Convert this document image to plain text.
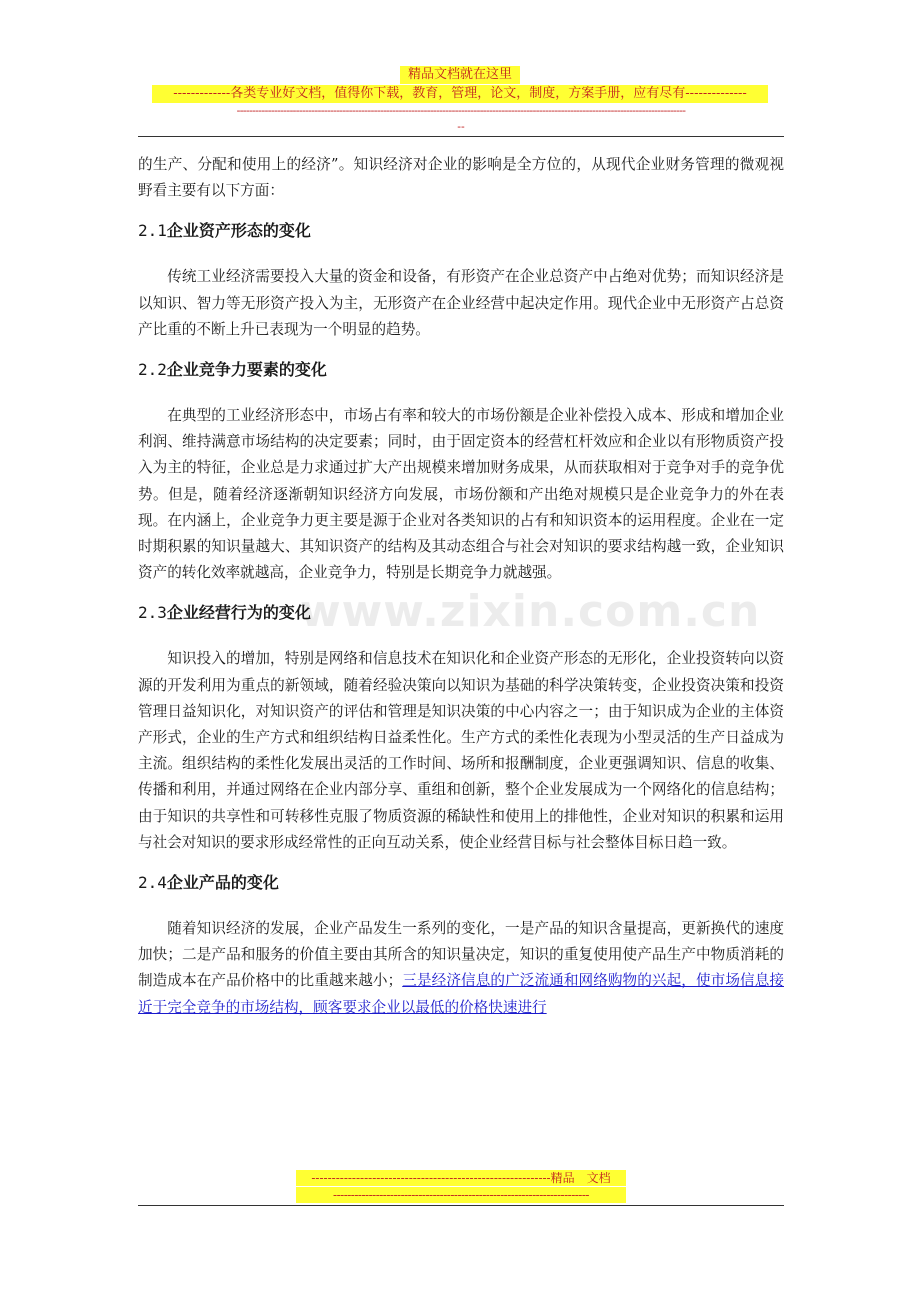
精品文档就在这里
-------------各类专业好文档，值得你下载，教育，管理，论文，制度，方案手册，应有尽有--------------
------------------------------------------------------------------------------------------------------------------------------------------------
--
www.zixin.com.cn

的生产、分配和使用上的经济”。知识经济对企业的影响是全方位的，从现代企业财务管理的微观视野看主要有以下方面：

2.1企业资产形态的变化

传统工业经济需要投入大量的资金和设备，有形资产在企业总资产中占绝对优势；而知识经济是以知识、智力等无形资产投入为主，无形资产在企业经营中起决定作用。现代企业中无形资产占总资产比重的不断上升已表现为一个明显的趋势。

2.2企业竞争力要素的变化

在典型的工业经济形态中，市场占有率和较大的市场份额是企业补偿投入成本、形成和增加企业利润、维持满意市场结构的决定要素；同时，由于固定资本的经营杠杆效应和企业以有形物质资产投入为主的特征，企业总是力求通过扩大产出规模来增加财务成果，从而获取相对于竞争对手的竞争优势。但是，随着经济逐渐朝知识经济方向发展，市场份额和产出绝对规模只是企业竞争力的外在表现。在内涵上，企业竞争力更主要是源于企业对各类知识的占有和知识资本的运用程度。企业在一定时期积累的知识量越大、其知识资产的结构及其动态组合与社会对知识的要求结构越一致，企业知识资产的转化效率就越高，企业竞争力，特别是长期竞争力就越强。

2.3企业经营行为的变化

知识投入的增加，特别是网络和信息技术在知识化和企业资产形态的无形化，企业投资转向以资源的开发利用为重点的新领域，随着经验决策向以知识为基础的科学决策转变，企业投资决策和投资管理日益知识化，对知识资产的评估和管理是知识决策的中心内容之一；由于知识成为企业的主体资产形式，企业的生产方式和组织结构日益柔性化。生产方式的柔性化表现为小型灵活的生产日益成为主流。组织结构的柔性化发展出灵活的工作时间、场所和报酬制度，企业更强调知识、信息的收集、传播和利用，并通过网络在企业内部分享、重组和创新，整个企业发展成为一个网络化的信息结构；由于知识的共享性和可转移性克服了物质资源的稀缺性和使用上的排他性，企业对知识的积累和运用与社会对知识的要求形成经常性的正向互动关系，使企业经营目标与社会整体目标日趋一致。

2.4企业产品的变化

随着知识经济的发展，企业产品发生一系列的变化，一是产品的知识含量提高，更新换代的速度加快；二是产品和服务的价值主要由其所含的知识量决定，知识的重复使用使产品生产中物质消耗的制造成本在产品价格中的比重越来越小；三是经济信息的广泛流通和网络购物的兴起，使市场信息接近于完全竞争的市场结构，顾客要求企业以最低的价格快速进行

-----------------------------------------------------------精品　文档
------------------------------------------------------------------------
